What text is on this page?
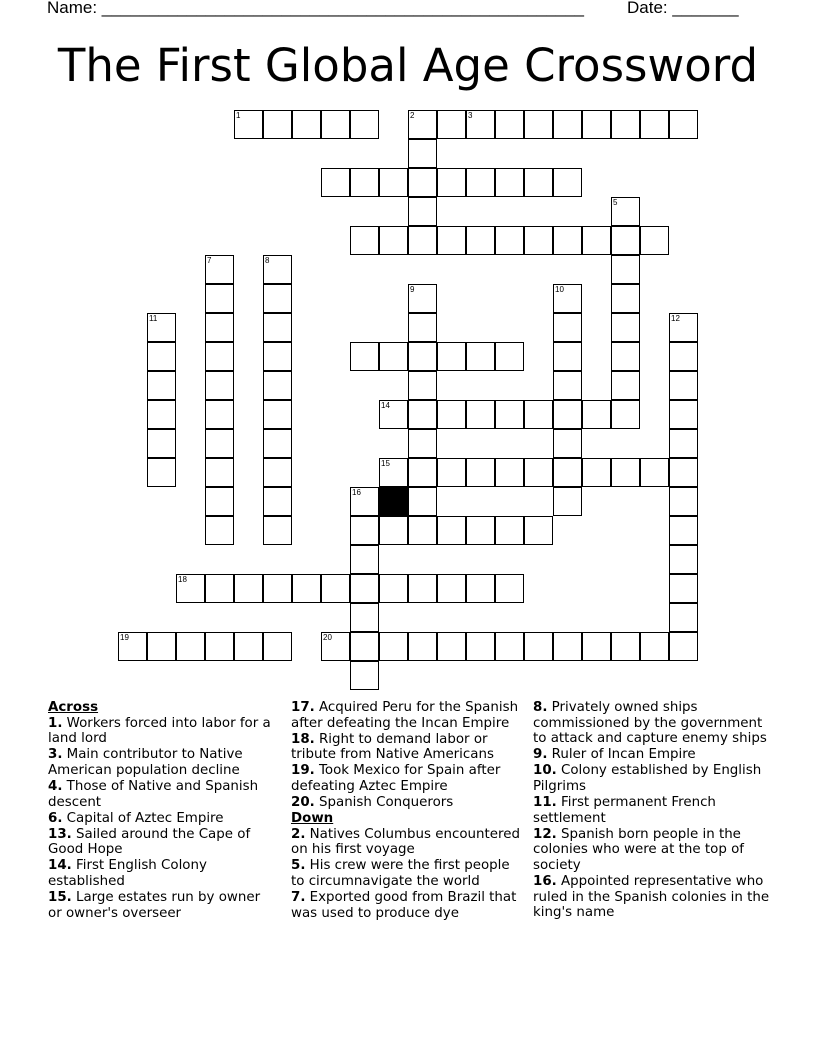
Name: ___________________________________________________	Date: _______
The First Global Age Crossword
1	2	3
5
7	8
9	10
11	12
14
15
16
18
19	20
Across
1. Workers forced into labor for a land lord
3. Main contributor to Native American population decline
4. Those of Native and Spanish descent
6. Capital of Aztec Empire
13. Sailed around the Cape of Good Hope
14. First English Colony established
15. Large estates run by owner or owner's overseer
17. Acquired Peru for the Spanish after defeating the Incan Empire
18. Right to demand labor or tribute from Native Americans
19. Took Mexico for Spain after defeating Aztec Empire
20. Spanish Conquerors
Down
2. Natives Columbus encountered on his first voyage
5. His crew were the first people to circumnavigate the world
7. Exported good from Brazil that was used to produce dye
8. Privately owned ships commissioned by the government to attack and capture enemy ships
9. Ruler of Incan Empire
10. Colony established by English Pilgrims
11. First permanent French settlement
12. Spanish born people in the colonies who were at the top of society
16. Appointed representative who ruled in the Spanish colonies in the king's name
